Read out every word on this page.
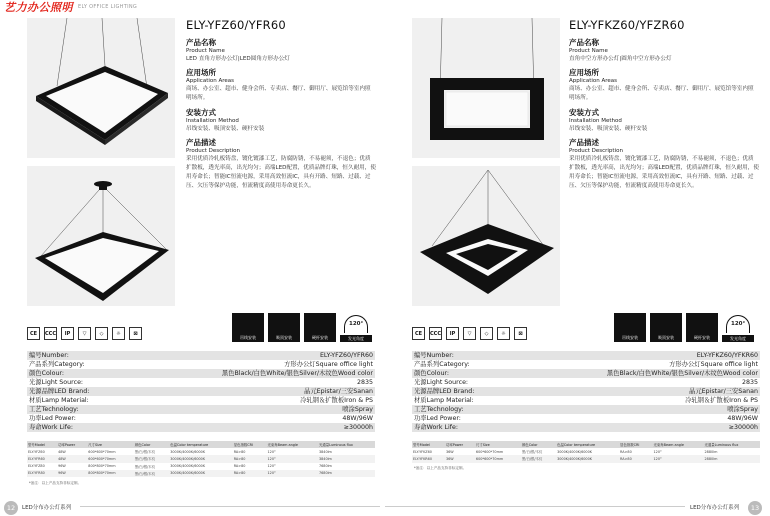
艺力办公照明 ELY OFFICE LIGHTING
ELY-YFZ60/YFR60
产品名称
Product Name
LED 直角方形办公灯|LED圆角方形办公灯
应用场所
Application Areas
商场、办公室、超市、健身会所、专卖店、餐厅、御用厅、展览馆等室内照明场所。
安装方式
Installation Method
吊线安装、吸顶安装、硬杆安装
产品描述
Product Description
采用优质冷轧板铸盘，镀化镀漆工艺，防腐防锈，不易褪须，不退色；优质扩散板，透光率高，出光均匀；高端LED配置，优质品牌灯珠，恒久耐用，使用寿命长；智能IC恒流电源，采用高效恒流IC，具有开路、短路、过载、过压、欠压等保护功能，恒流精度高使用寿命更长久。
CE	CCC	IP	▽	◇	☼	⊠
吊线安装	吸顶安装	硬杆安装
120°
发光角度
编号Number:	ELY-YFZ60/YFR60
产品系列Category:	方形办公灯Square office light
颜色Colour:	黑色Black/白色White/银色Silver/木纹色Wood color
光源Light Source:	2835
光源品牌LED Brand:	晶元Epistar/三安Sanan
材质Lamp Material:	冷轧钢＆扩散板Iron & PS
工艺Technology:	喷涂Spray
功率Led Power:	48W/96W
寿命Work Life:	≥30000h
型号Model	功率Power	尺寸Size	颜色Color	色温Color temperature	显色指数CRI	光束角Beam angle	光通量Luminous flux
ELY-YFZ60	48W	600*600*70mm	黑/白/银/木纹	3000K/4000K/6000K	RA>80	120°	3840lm
ELY-YFR60	48W	600*600*70mm	黑/白/银/木纹	3000K/4000K/6000K	RA>80	120°	3840lm
ELY-YFZ80	96W	800*800*70mm	黑/白/银/木纹	3000K/4000K/6000K	RA>80	120°	7680lm
ELY-YFR80	96W	800*800*70mm	黑/白/银/木纹	3000K/4000K/6000K	RA>80	120°	7680lm
*备注：以上产品支持非标定制。
12	LED分布办公灯系列
ELY-YFKZ60/YFZR60
产品名称
Product Name
直角中空方形办公灯|圆角中空方形办公灯
应用场所
Application Areas
商场、办公室、超市、健身会所、专卖店、餐厅、御用厅、展览馆等室内照明场所。
安装方式
Installation Method
吊线安装、吸顶安装、硬杆安装
产品描述
Product Description
采用优质冷轧板铸盘，镀化镀漆工艺，防腐防锈，不易褪须，不退色；优质扩散板，透光率高，出光均匀；高端LED配置，优质品牌灯珠，恒久耐用，使用寿命长；智能IC恒流电源，采用高效恒流IC，具有开路、短路、过载、过压、欠压等保护功能，恒流精度高使用寿命更长久。
CE	CCC	IP	▽	◇	☼	⊠
吊线安装	吸顶安装	硬杆安装
120°
发光角度
编号Number:	ELY-YFKZ60/YFKR60
产品系列Category:	方形办公灯Square office light
颜色Colour:	黑色Black/白色White/银色Silver/木纹色Wood color
光源Light Source:	2835
光源品牌LED Brand:	晶元Epistar/三安Sanan
材质Lamp Material:	冷轧钢＆扩散板Iron & PS
工艺Technology:	喷涂Spray
功率Led Power:	48W/96W
寿命Work Life:	≥30000h
型号Model	功率Power	尺寸Size	颜色Color	色温Color temperature	显色指数CRI	光束角Beam angle	光通量Luminous flux
ELY-YFKZ60	36W	600*600*70mm	黑/白/银/木纹	3000K/4000K/6000K	RA>80	120°	2880lm
ELY-YFKR60	36W	600*600*70mm	黑/白/银/木纹	3000K/4000K/6000K	RA>80	120°	2880lm
*备注：以上产品支持非标定制。
LED分布办公灯系列	13
